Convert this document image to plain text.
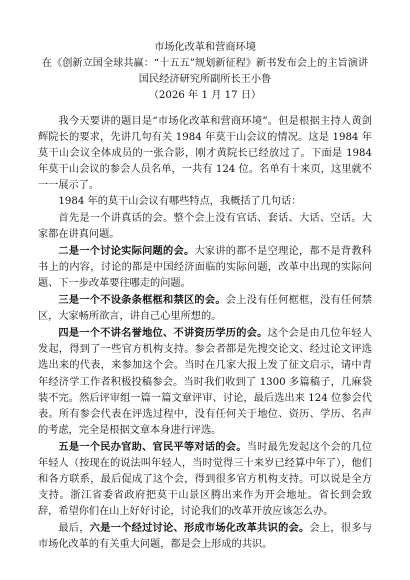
市场化改革和营商环境
在《创新立国全球共赢：“十五五”规划新征程》新书发布会上的主旨演讲
国民经济研究所副所长王小鲁
（2026 年 1 月 17 日）

我今天要讲的题目是“市场化改革和营商环境”。但是根据主持人黄剑辉院长的要求，先讲几句有关 1984 年莫干山会议的情况。这是 1984 年莫干山会议全体成员的一张合影，刚才黄院长已经放过了。下面是 1984 年莫干山会议的参会人员名单，一共有 124 位。名单有十来页，这里就不一一展示了。

1984 年的莫干山会议有哪些特点，我概括了几句话：

首先是一个讲真话的会。整个会上没有官话、套话、大话、空话。大家都在讲真问题。

二是一个讨论实际问题的会。大家讲的都不是空理论，都不是背教科书上的内容，讨论的都是中国经济面临的实际问题，改革中出现的实际问题、下一步改革要往哪走的问题。

三是一个不设条条框框和禁区的会。会上没有任何框框，没有任何禁区，大家畅所欲言，讲自己心里所想的。

四是一个不讲名誉地位、不讲资历学历的会。这个会是由几位年轻人发起，得到了一些官方机构支持。参会者都是先搜交论文、经过论文评选选出来的代表，来参加这个会。当时在几家大报上发了征文启示，请中青年经济学工作者积极投稿参会。当时我们收到了 1300 多篇稿子，几麻袋装不完。然后评审组一篇一篇文章评审、讨论，最后选出来 124 位参会代表。所有参会代表在评选过程中，没有任何关于地位、资历、学历、名声的考虑，完全是根据文章本身进行评选。

五是一个民办官助、官民平等对话的会。当时最先发起这个会的几位年轻人（按现在的说法叫年轻人，当时觉得三十来岁已经算中年了），他们和各方联系，最后促成了这个会，得到很多官方机构支持。可以说是全方支持。浙江省委省政府把莫干山景区腾出来作为开会地址。省长到会致辞，希望你们在山上好好讨论，讨论我们的改革开放应该怎么办。

最后，六是一个经过讨论、形成市场化改革共识的会。会上，很多与市场化改革的有关重大问题，都是会上形成的共识。
